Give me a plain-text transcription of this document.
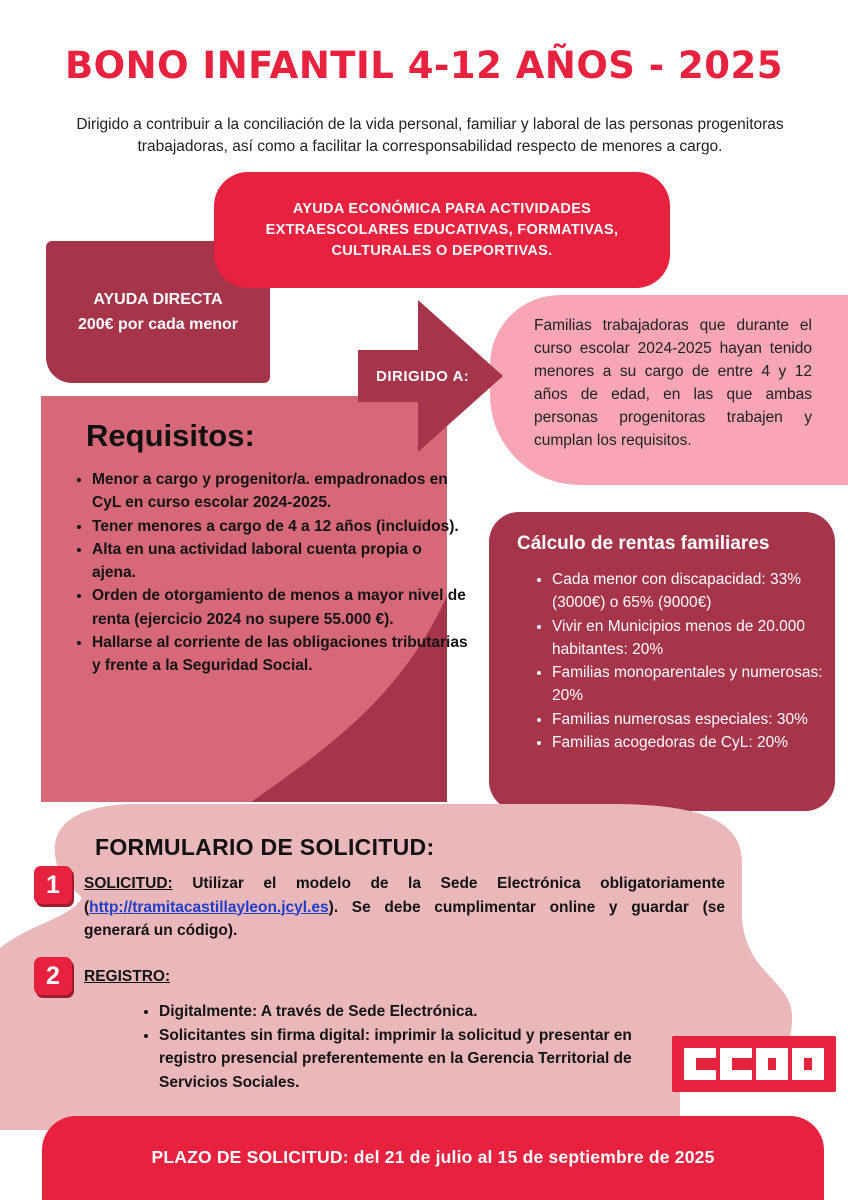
BONO INFANTIL 4-12 AÑOS - 2025
Dirigido a contribuir a la conciliación de la vida personal, familiar y laboral de las personas progenitoras trabajadoras, así como a facilitar la corresponsabilidad respecto de menores a cargo.
AYUDA DIRECTA
200€ por cada menor
AYUDA ECONÓMICA PARA ACTIVIDADES EXTRAESCOLARES EDUCATIVAS, FORMATIVAS, CULTURALES O DEPORTIVAS.
Familias trabajadoras que durante el curso escolar 2024-2025 hayan tenido menores a su cargo de entre 4 y 12 años de edad, en las que ambas personas progenitoras trabajen y cumplan los requisitos.
Requisitos:
• Menor a cargo y progenitor/a. empadronados en CyL en curso escolar 2024-2025.
• Tener menores a cargo de 4 a 12 años (incluidos).
• Alta en una actividad laboral cuenta propia o ajena.
• Orden de otorgamiento de menos a mayor nivel de renta (ejercicio 2024 no supere 55.000 €).
• Hallarse al corriente de las obligaciones tributarias y frente a la Seguridad Social.
DIRIGIDO A:
Cálculo de rentas familiares
• Cada menor con discapacidad: 33% (3000€) o 65% (9000€)
• Vivir en Municipios menos de 20.000 habitantes: 20%
• Familias monoparentales y numerosas: 20%
• Familias numerosas especiales: 30%
• Familias acogedoras de CyL: 20%
FORMULARIO DE SOLICITUD:
1	SOLICITUD: Utilizar el modelo de la Sede Electrónica obligatoriamente (http://tramitacastillayleon.jcyl.es). Se debe cumplimentar online y guardar (se generará un código).
2	REGISTRO:
• Digitalmente: A través de Sede Electrónica.
• Solicitantes sin firma digital: imprimir la solicitud y presentar en registro presencial preferentemente en la Gerencia Territorial de Servicios Sociales.
PLAZO DE SOLICITUD: del 21 de julio al 15 de septiembre de 2025
